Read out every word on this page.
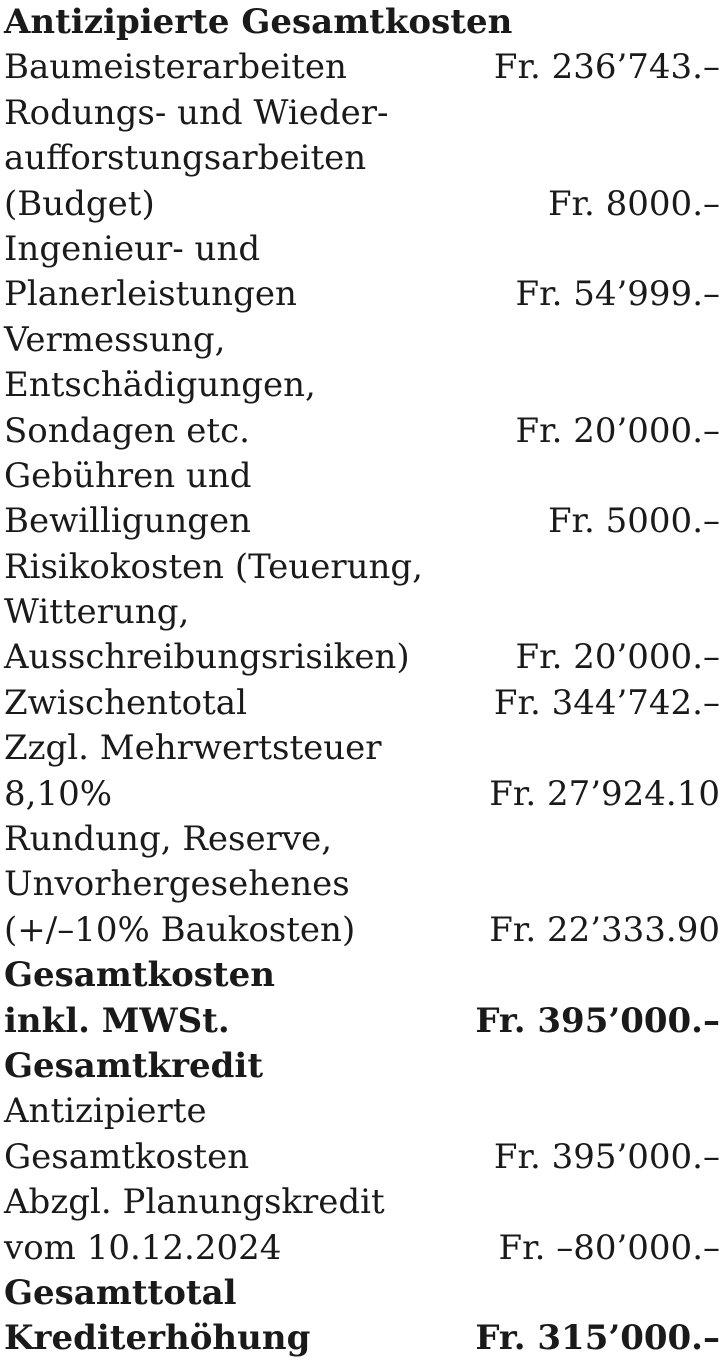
Antizipierte Gesamtkosten
Baumeisterarbeiten	Fr. 236’743.–
Rodungs- und Wieder-
aufforstungsarbeiten
(Budget)	Fr. 8000.–
Ingenieur- und
Planerleistungen	Fr. 54’999.–
Vermessung,
Entschädigungen,
Sondagen etc.	Fr. 20’000.–
Gebühren und
Bewilligungen	Fr. 5000.–
Risikokosten (Teuerung,
Witterung,
Ausschreibungsrisiken)	Fr. 20’000.–
Zwischentotal	Fr. 344’742.–
Zzgl. Mehrwertsteuer
8,10%	Fr. 27’924.10
Rundung, Reserve,
Unvorhergesehenes
(+/–10% Baukosten)	Fr. 22’333.90
Gesamtkosten
inkl. MWSt.	Fr. 395’000.–
Gesamtkredit
Antizipierte
Gesamtkosten	Fr. 395’000.–
Abzgl. Planungskredit
vom 10.12.2024	Fr. –80’000.–
Gesamttotal
Krediterhöhung	Fr. 315’000.–
